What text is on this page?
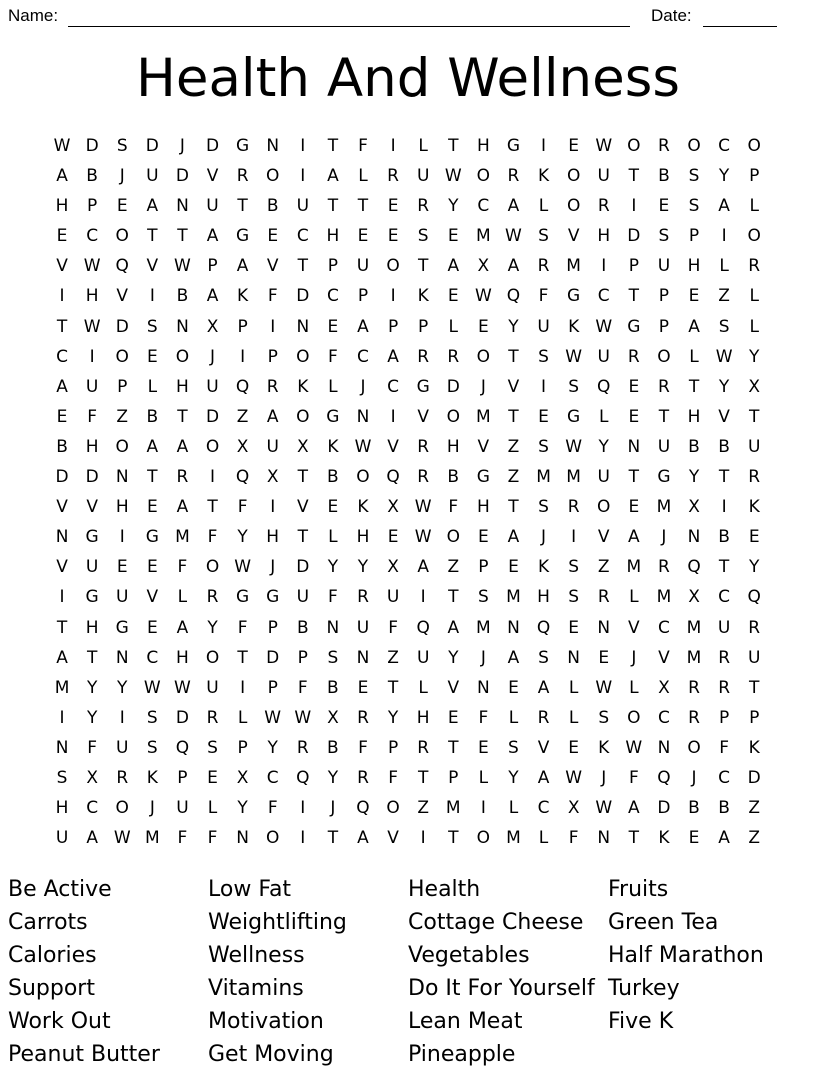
Name:	Date:
Health And Wellness
W D	S	D	J	D G	N	I	T	F	I	L	T	H	G	I	E W O	R	O	C	O
A	B	J	U	D	V	R	O	I	A	L	R	U W O	R	K	O	U	T	B	S	Y	P
H	P	E	A	N	U	T	B	U	T	T	E	R	Y	C	A	L	O	R	I	E	S	A	L
E	C	O	T	T	A	G	E	C	H	E	E	S	E	M W S	V	H	D	S	P	I	O
V W Q	V W P	A	V	T	P	U	O	T	A	X	A	R M	I	P	U	H	L	R
I	H	V	I	B	A	K	F	D	C	P	I	K	E W Q	F	G	C	T	P	E	Z	L
T W D	S	N	X	P	I	N	E	A	P	P	L	E	Y	U	K W G	P	A	S	L
C	I	O	E	O	J	I	P	O	F	C	A	R	R	O	T	S W U	R	O	L W Y
A	U	P	L	H	U	Q	R	K	L	J	C	G D	J	V	I	S	Q	E	R	T	Y	X
E	F	Z	B	T	D	Z	A	O G	N	I	V	O M	T	E	G	L	E	T	H	V	T
B	H	O	A	A	O	X	U	X	K W V	R	H	V	Z	S W Y	N	U	B	B	U
D	D	N	T	R	I	Q	X	T	B	O Q	R	B	G	Z M M U	T	G	Y	T	R
V	V	H	E	A	T	F	I	V	E	K	X W F	H	T	S	R	O	E	M X	I	K
N	G	I	G M	F	Y	H	T	L	H	E W O	E	A	J	I	V	A	J	N	B	E
V	U	E	E	F	O W	J	D	Y	Y	X	A	Z	P	E	K	S	Z M R	Q	T	Y
I	G	U	V	L	R	G G	U	F	R	U	I	T	S	M H	S	R	L	M X	C	Q
T	H	G	E	A	Y	F	P	B	N	U	F	Q	A M N	Q	E	N	V	C M U	R
A	T	N	C	H	O	T	D	P	S	N	Z	U	Y	J	A	S	N	E	J	V M R	U
M	Y	Y W W U	I	P	F	B	E	T	L	V	N	E	A	L W L	X	R	R	T
I	Y	I	S	D	R	L W W X	R	Y	H	E	F	L	R	L	S	O	C	R	P	P
N	F	U	S	Q	S	P	Y	R	B	F	P	R	T	E	S	V	E	K W N	O	F	K
S	X	R	K	P	E	X	C	Q	Y	R	F	T	P	L	Y	A W	J	F	Q	J	C	D
H	C	O	J	U	L	Y	F	I	J	Q O	Z M	I	L	C	X W A	D	B	B	Z
U	A W M	F	F	N	O	I	T	A	V	I	T	O M	L	F	N	T	K	E	A	Z
Be Active
Carrots
Calories
Support
Work Out
Peanut Butter
Low Fat
Weightlifting
Wellness
Vitamins
Motivation
Get Moving
Health
Cottage Cheese
Vegetables
Do It For Yourself
Lean Meat
Pineapple
Fruits
Green Tea
Half Marathon
Turkey
Five K
